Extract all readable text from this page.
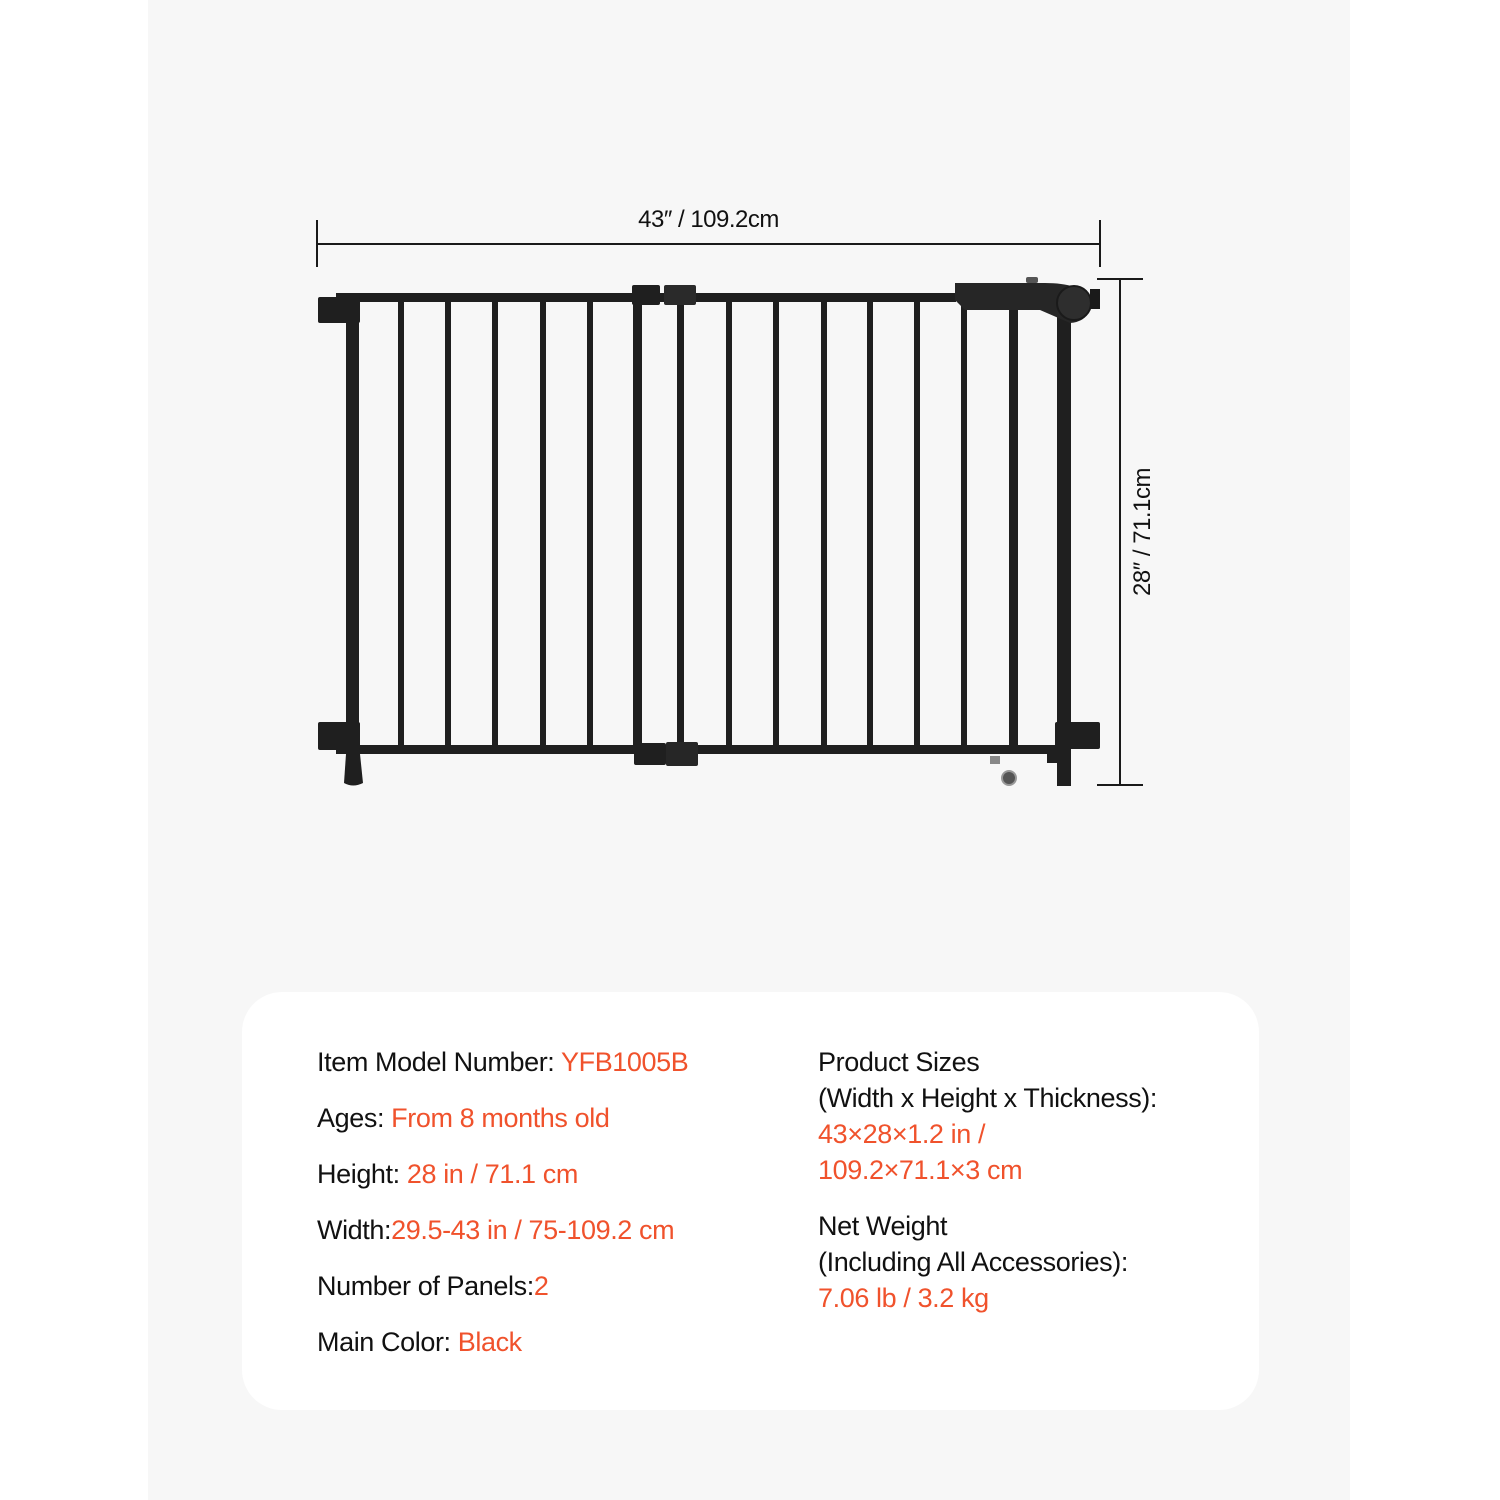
43″ / 109.2cm
28″ / 71.1cm
Item Model Number: YFB1005B
Ages: From 8 months old
Height: 28 in / 71.1 cm
Width:29.5-43 in / 75-109.2 cm
Number of Panels:2
Main Color: Black
Product Sizes
(Width x Height x Thickness):
43×28×1.2 in /
109.2×71.1×3 cm
Net Weight
(Including All Accessories):
7.06 lb / 3.2 kg
